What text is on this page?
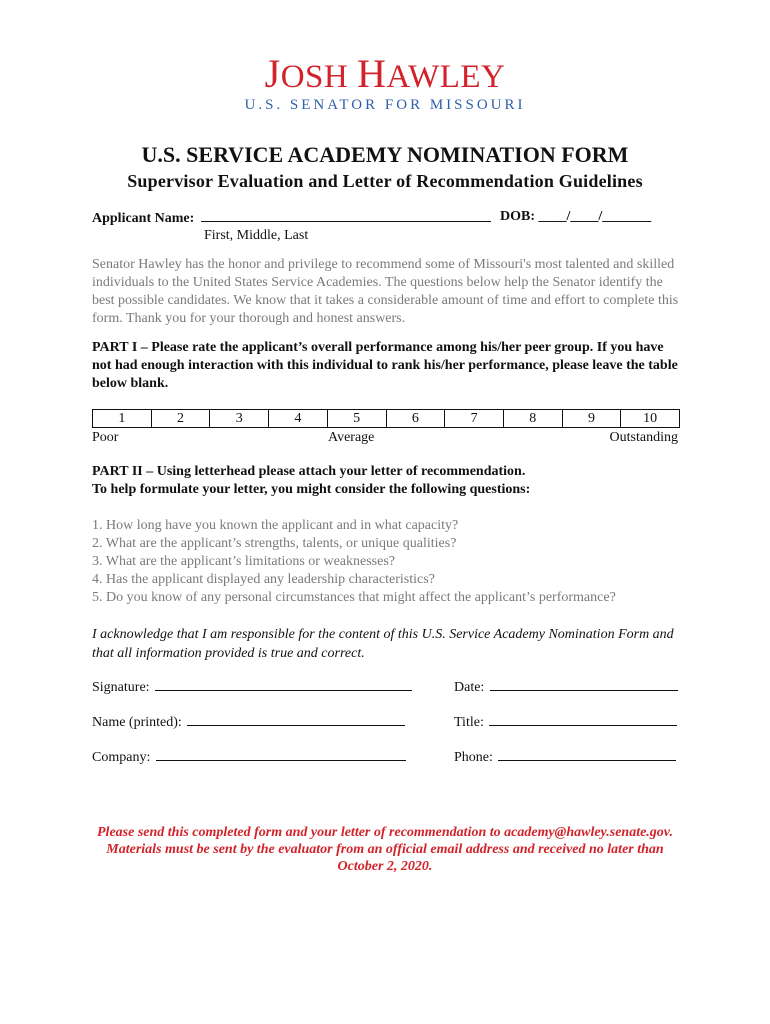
JOSH HAWLEY
U.S. SENATOR FOR MISSOURI
U.S. SERVICE ACADEMY NOMINATION FORM
Supervisor Evaluation and Letter of Recommendation Guidelines
Applicant Name:	DOB: ____/____/_______
First, Middle, Last
Senator Hawley has the honor and privilege to recommend some of Missouri's most talented and skilled individuals to the United States Service Academies. The questions below help the Senator identify the best possible candidates. We know that it takes a considerable amount of time and effort to complete this form. Thank you for your thorough and honest answers.
PART I – Please rate the applicant’s overall performance among his/her peer group. If you have not had enough interaction with this individual to rank his/her performance, please leave the table below blank.
1	2	3	4	5	6	7	8	9	10
Poor	Average	Outstanding
PART II – Using letterhead please attach your letter of recommendation.
To help formulate your letter, you might consider the following questions:
1. How long have you known the applicant and in what capacity?
2. What are the applicant’s strengths, talents, or unique qualities?
3. What are the applicant’s limitations or weaknesses?
4. Has the applicant displayed any leadership characteristics?
5. Do you know of any personal circumstances that might affect the applicant’s performance?
I acknowledge that I am responsible for the content of this U.S. Service Academy Nomination Form and that all information provided is true and correct.
Signature:	Date:
Name (printed):	Title:
Company:	Phone:
Please send this completed form and your letter of recommendation to academy@hawley.senate.gov.
Materials must be sent by the evaluator from an official email address and received no later than
October 2, 2020.
